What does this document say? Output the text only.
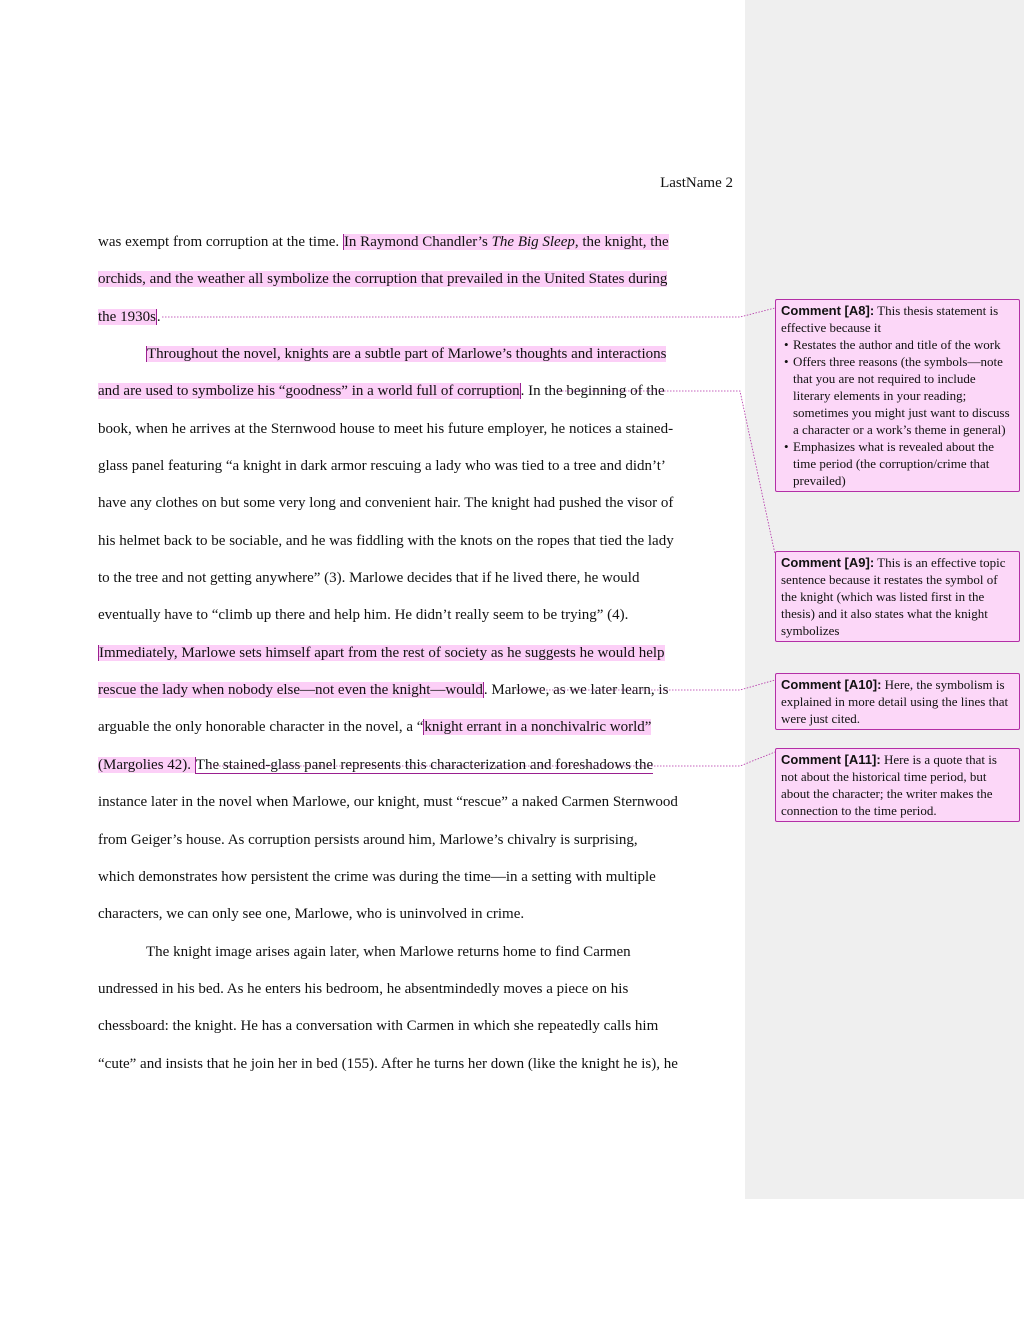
LastName 2
was exempt from corruption at the time. In Raymond Chandler’s The Big Sleep, the knight, the
orchids, and the weather all symbolize the corruption that prevailed in the United States during
the 1930s.
Throughout the novel, knights are a subtle part of Marlowe’s thoughts and interactions
and are used to symbolize his “goodness” in a world full of corruption. In the beginning of the
book, when he arrives at the Sternwood house to meet his future employer, he notices a stained-
glass panel featuring “a knight in dark armor rescuing a lady who was tied to a tree and didn’t’
have any clothes on but some very long and convenient hair. The knight had pushed the visor of
his helmet back to be sociable, and he was fiddling with the knots on the ropes that tied the lady
to the tree and not getting anywhere” (3). Marlowe decides that if he lived there, he would
eventually have to “climb up there and help him. He didn’t really seem to be trying” (4).
Immediately, Marlowe sets himself apart from the rest of society as he suggests he would help
rescue the lady when nobody else—not even the knight—would. Marlowe, as we later learn, is
arguable the only honorable character in the novel, a “knight errant in a nonchivalric world”
(Margolies 42). The stained-glass panel represents this characterization and foreshadows the
instance later in the novel when Marlowe, our knight, must “rescue” a naked Carmen Sternwood
from Geiger’s house. As corruption persists around him, Marlowe’s chivalry is surprising,
which demonstrates how persistent the crime was during the time—in a setting with multiple
characters, we can only see one, Marlowe, who is uninvolved in crime.
The knight image arises again later, when Marlowe returns home to find Carmen
undressed in his bed. As he enters his bedroom, he absentmindedly moves a piece on his
chessboard: the knight. He has a conversation with Carmen in which she repeatedly calls him
“cute” and insists that he join her in bed (155). After he turns her down (like the knight he is), he
Comment [A8]: This thesis statement is effective because it
• Restates the author and title of the work
• Offers three reasons (the symbols—note that you are not required to include literary elements in your reading; sometimes you might just want to discuss a character or a work’s theme in general)
• Emphasizes what is revealed about the time period (the corruption/crime that prevailed)
Comment [A9]: This is an effective topic sentence because it restates the symbol of the knight (which was listed first in the thesis) and it also states what the knight symbolizes
Comment [A10]: Here, the symbolism is explained in more detail using the lines that were just cited.
Comment [A11]: Here is a quote that is not about the historical time period, but about the character; the writer makes the connection to the time period.
